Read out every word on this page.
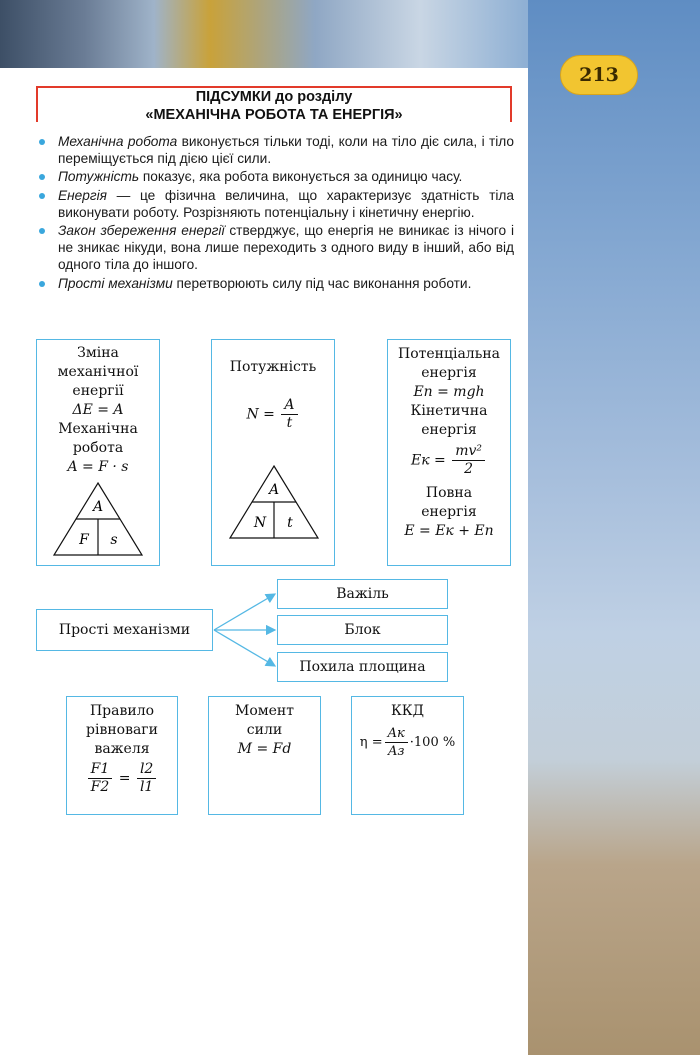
213
ПІДСУМКИ до розділу
«МЕХАНІЧНА РОБОТА ТА ЕНЕРГІЯ»
Механічна робота виконується тільки тоді, коли на тіло діє сила, і тіло переміщується під дією цієї сили.
Потужність показує, яка робота виконується за одиницю часу.
Енергія — це фізична величина, що характеризує здатність тіла виконувати роботу. Розрізняють потенціальну і кінетичну енергію.
Закон збереження енергії стверджує, що енергія не виникає із нічого і не зникає нікуди, вона лише переходить з одного виду в інший, або від одного тіла до іншого.
Прості механізми перетворюють силу під час виконання роботи.
Зміна
механічної
енергії
ΔE = A
Механічна
робота
A = F · s
A
F s
Потужність
$N = \frac{A}{t}$
A
N t
Потенціальна
енергія
Eп = mgh
Кінетична
енергія
Eк = $\frac{\text{mv²}}{2}$
Повна
енергія
E = Eк + Eп
Прості механізми
Важіль
Блок
Похила площина
Правило
рівноваги
важеля
$\frac{F1}{F2} = \frac{l2}{l1}$
Момент
сили
M = Fd
ККД
$\eta = \frac{Aк}{Aз} \cdot 100$ %
